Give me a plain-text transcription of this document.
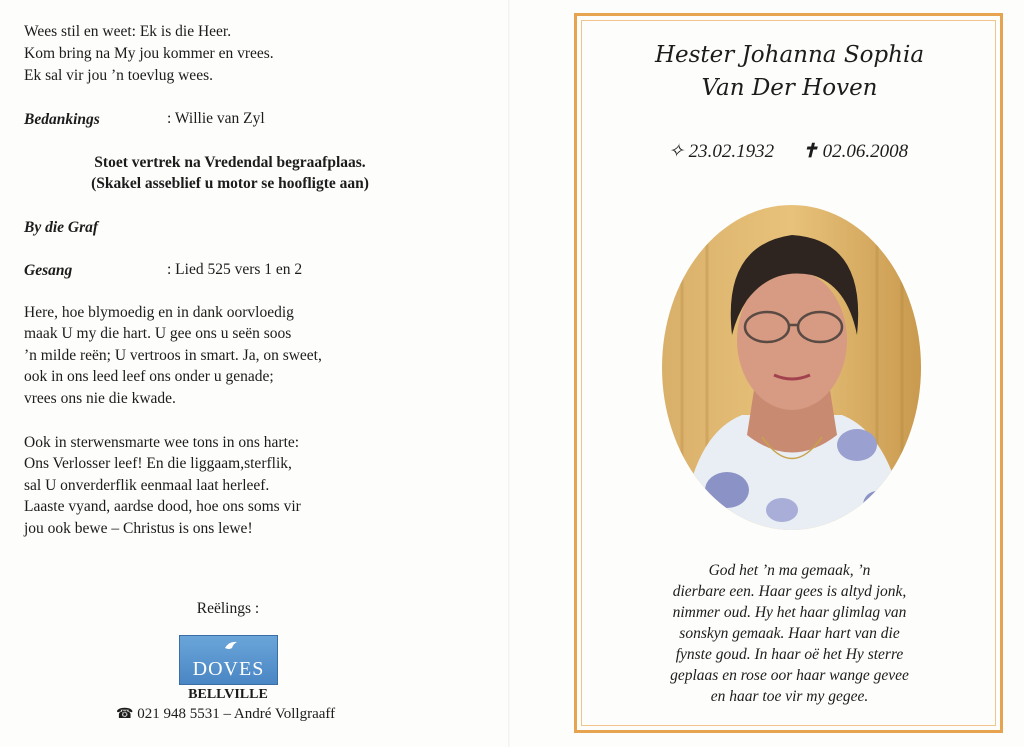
Wees stil en weet: Ek is die Heer.
Kom bring na My jou kommer en vrees.
Ek sal vir jou ’n toevlug wees.
Bedankings	: Willie van Zyl
Stoet vertrek na Vredendal begraafplaas.
(Skakel asseblief u motor se hoofligte aan)
By die Graf
Gesang	: Lied 525 vers 1 en 2
Here, hoe blymoedig en in dank oorvloedig
maak U my die hart. U gee ons u seën soos
’n milde reën; U vertroos in smart. Ja, on sweet,
ook in ons leed leef ons onder u genade;
vrees ons nie die kwade.
Ook in sterwensmarte wee tons in ons harte:
Ons Verlosser leef! En die liggaam,sterflik,
sal U onverderflik eenmaal laat herleef.
Laaste vyand, aardse dood, hoe ons soms vir
jou ook bewe – Christus is ons lewe!
Reëlings :
DOVES
BELLVILLE
☎ 021 948 5531 – André Vollgraaff
Hester Johanna Sophia
Van Der Hoven
✧ 23.02.1932 ✝ 02.06.2008
God het ’n ma gemaak, ’n
dierbare een. Haar gees is altyd jonk,
nimmer oud. Hy het haar glimlag van
sonskyn gemaak. Haar hart van die
fynste goud. In haar oë het Hy sterre
geplaas en rose oor haar wange gevee
en haar toe vir my gegee.
